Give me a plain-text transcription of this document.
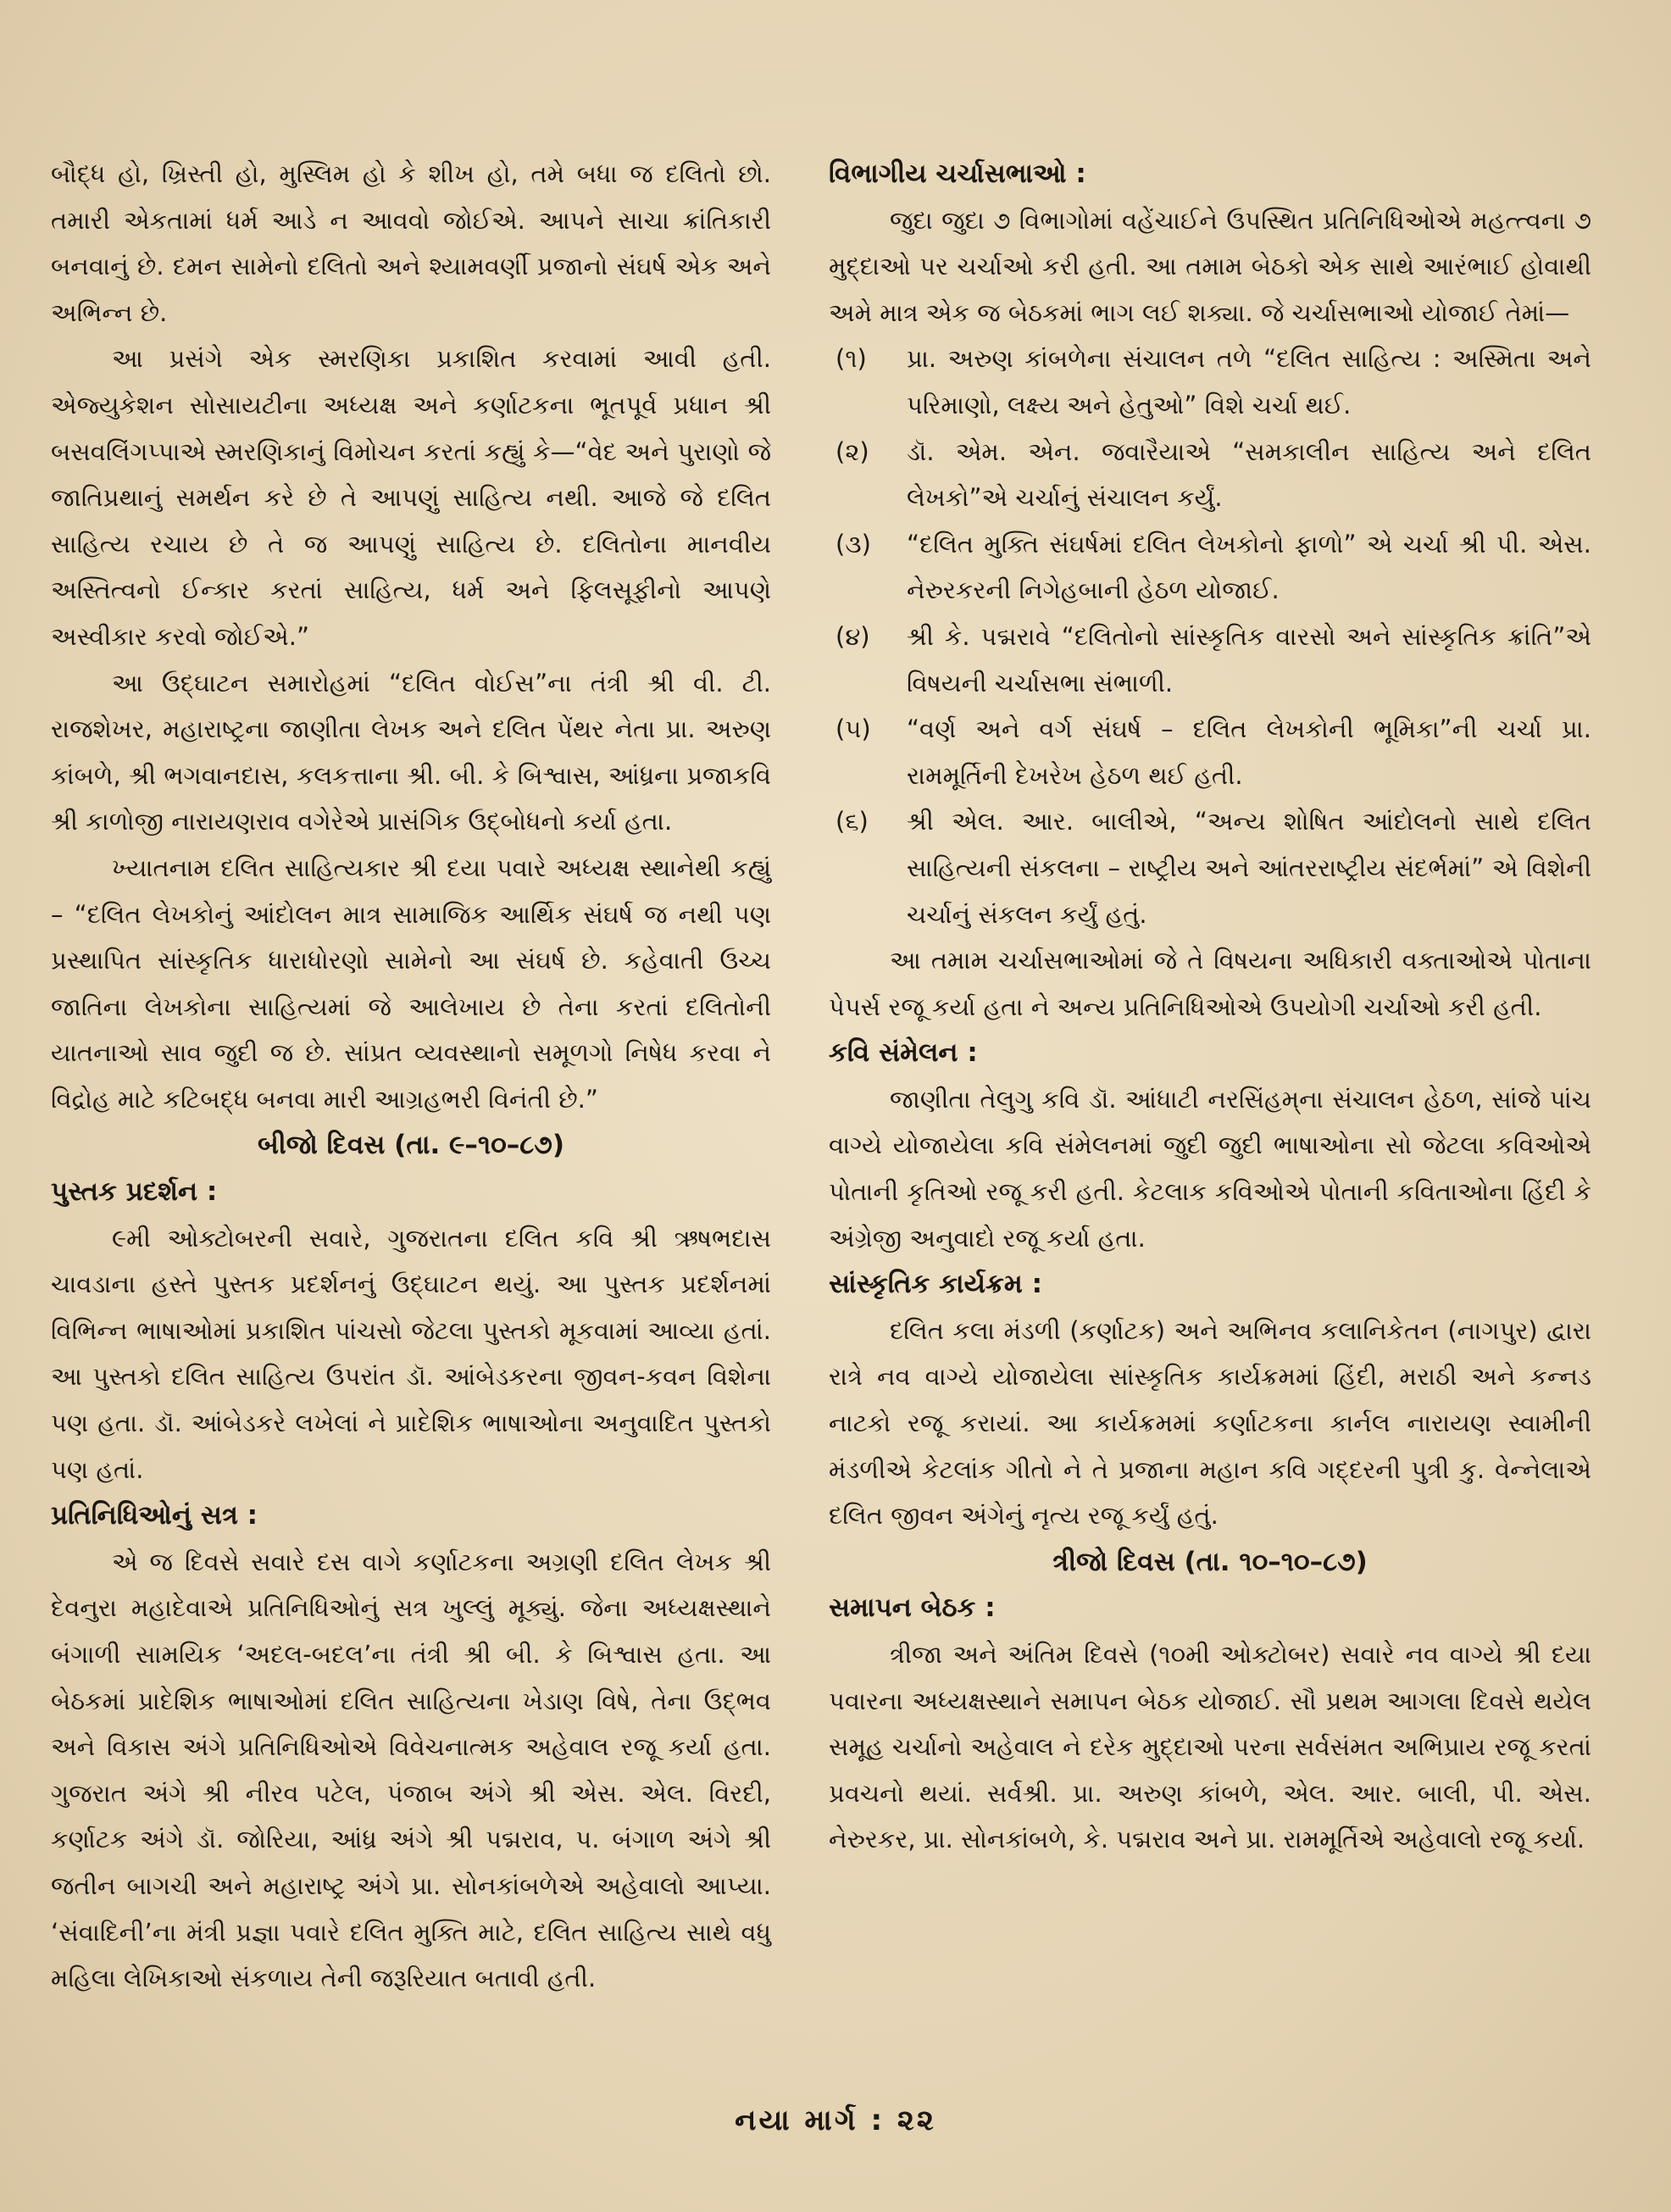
બૌદ્ધ હો, ખ્રિસ્તી હો, મુસ્લિમ હો કે શીખ હો, તમે બધા જ દલિતો છો. તમારી એકતામાં ધર્મ આડે ન આવવો જોઈએ. આપને સાચા ક્રાંતિકારી બનવાનું છે. દમન સામેનો દલિતો અને શ્યામવર્ણી પ્રજાનો સંઘર્ષ એક અને અભિન્ન છે.

આ પ્રસંગે એક સ્મરણિકા પ્રકાશિત કરવામાં આવી હતી. એજ્યુકેશન સોસાયટીના અધ્યક્ષ અને કર્ણાટકના ભૂતપૂર્વ પ્રધાન શ્રી બસવલિંગપ્પાએ સ્મરણિકાનું વિમોચન કરતાં કહ્યું કે—“વેદ અને પુરાણો જે જાતિપ્રથાનું સમર્થન કરે છે તે આપણું સાહિત્ય નથી. આજે જે દલિત સાહિત્ય રચાય છે તે જ આપણું સાહિત્ય છે. દલિતોના માનવીય અસ્તિત્વનો ઈન્કાર કરતાં સાહિત્ય, ધર્મ અને ફિલસૂફીનો આપણે અસ્વીકાર કરવો જોઈએ.”

આ ઉદ્‌ઘાટન સમારોહમાં “દલિત વોઈસ”ના તંત્રી શ્રી વી. ટી. રાજશેખર, મહારાષ્ટ્રના જાણીતા લેખક અને દલિત પેંથર નેતા પ્રા. અરુણ કાંબળે, શ્રી ભગવાનદાસ, કલકત્તાના શ્રી. બી. કે બિશ્વાસ, આંધ્રના પ્રજાકવિ શ્રી કાળોજી નારાયણરાવ વગેરેએ પ્રાસંગિક ઉદ્‌બોધનો કર્યા હતા.

ખ્યાતનામ દલિત સાહિત્યકાર શ્રી દયા પવારે અધ્યક્ષ સ્થાનેથી કહ્યું – “દલિત લેખકોનું આંદોલન માત્ર સામાજિક આર્થિક સંઘર્ષ જ નથી પણ પ્રસ્થાપિત સાંસ્કૃતિક ધારાધોરણો સામેનો આ સંઘર્ષ છે. કહેવાતી ઉચ્ચ જાતિના લેખકોના સાહિત્યમાં જે આલેખાય છે તેના કરતાં દલિતોની યાતનાઓ સાવ જુદી જ છે. સાંપ્રત વ્યવસ્થાનો સમૂળગો નિષેધ કરવા ને વિદ્રોહ માટે કટિબદ્ધ બનવા મારી આગ્રહભરી વિનંતી છે.”

બીજો દિવસ (તા. ૯–૧૦–૮૭)
પુસ્તક પ્રદર્શન :

૯મી ઓક્ટોબરની સવારે, ગુજરાતના દલિત કવિ શ્રી ઋષભદાસ ચાવડાના હસ્તે પુસ્તક પ્રદર્શનનું ઉદ્‌ઘાટન થયું. આ પુસ્તક પ્રદર્શનમાં વિભિન્ન ભાષાઓમાં પ્રકાશિત પાંચસો જેટલા પુસ્તકો મૂકવામાં આવ્યા હતાં. આ પુસ્તકો દલિત સાહિત્ય ઉપરાંત ડૉ. આંબેડકરના જીવન-કવન વિશેના પણ હતા. ડૉ. આંબેડકરે લખેલાં ને પ્રાદેશિક ભાષાઓના અનુવાદિત પુસ્તકો પણ હતાં.

પ્રતિનિધિઓનું સત્ર :

એ જ દિવસે સવારે દસ વાગે કર્ણાટકના અગ્રણી દલિત લેખક શ્રી દેવનુરા મહાદેવાએ પ્રતિનિધિઓનું સત્ર ખુલ્લું મૂક્યું. જેના અધ્યક્ષસ્થાને બંગાળી સામયિક ‘અદલ-બદલ’ના તંત્રી શ્રી બી. કે બિશ્વાસ હતા. આ બેઠકમાં પ્રાદેશિક ભાષાઓમાં દલિત સાહિત્યના ખેડાણ વિષે, તેના ઉદ્‌ભવ અને વિકાસ અંગે પ્રતિનિધિઓએ વિવેચનાત્મક અહેવાલ રજૂ કર્યા હતા. ગુજરાત અંગે શ્રી નીરવ પટેલ, પંજાબ અંગે શ્રી એસ. એલ. વિરદી, કર્ણાટક અંગે ડૉ. જોરિયા, આંધ્ર અંગે શ્રી પદ્મરાવ, પ. બંગાળ અંગે શ્રી જતીન બાગચી અને મહારાષ્ટ્ર અંગે પ્રા. સોનકાંબળેએ અહેવાલો આપ્યા. ‘સંવાદિની’ના મંત્રી પ્રજ્ઞા પવારે દલિત મુક્તિ માટે, દલિત સાહિત્ય સાથે વધુ મહિલા લેખિકાઓ સંકળાય તેની જરૂરિયાત બતાવી હતી.

વિભાગીય ચર્ચાસભાઓ :

જુદા જુદા ૭ વિભાગોમાં વહેંચાઈને ઉપસ્થિત પ્રતિનિધિઓએ મહત્ત્વના ૭ મુદ્દાઓ પર ચર્ચાઓ કરી હતી. આ તમામ બેઠકો એક સાથે આરંભાઈ હોવાથી અમે માત્ર એક જ બેઠકમાં ભાગ લઈ શક્યા. જે ચર્ચાસભાઓ યોજાઈ તેમાં—

(૧)	પ્રા. અરુણ કાંબળેના સંચાલન તળે “દલિત સાહિત્ય : અસ્મિતા અને પરિમાણો, લક્ષ્ય અને હેતુઓ” વિશે ચર્ચા થઈ.
(૨)	ડૉ. એમ. એન. જવારૈયાએ “સમકાલીન સાહિત્ય અને દલિત લેખકો”એ ચર્ચાનું સંચાલન કર્યું.
(૩)	“દલિત મુક્તિ સંઘર્ષમાં દલિત લેખકોનો ફાળો” એ ચર્ચા શ્રી પી. એસ. નેરુરકરની નિગેહબાની હેઠળ યોજાઈ.
(૪)	શ્રી કે. પદ્મરાવે “દલિતોનો સાંસ્કૃતિક વારસો અને સાંસ્કૃતિક ક્રાંતિ”એ વિષયની ચર્ચાસભા સંભાળી.
(૫)	“વર્ણ અને વર્ગ સંઘર્ષ – દલિત લેખકોની ભૂમિકા”ની ચર્ચા પ્રા. રામમૂર્તિની દેખરેખ હેઠળ થઈ હતી.
(૬)	શ્રી એલ. આર. બાલીએ, “અન્ય શોષિત આંદોલનો સાથે દલિત સાહિત્યની સંકલના – રાષ્ટ્રીય અને આંતરરાષ્ટ્રીય સંદર્ભમાં” એ વિશેની ચર્ચાનું સંકલન કર્યું હતું.

આ તમામ ચર્ચાસભાઓમાં જે તે વિષયના અધિકારી વક્તાઓએ પોતાના પેપર્સ રજૂ કર્યા હતા ને અન્ય પ્રતિનિધિઓએ ઉપયોગી ચર્ચાઓ કરી હતી.

કવિ સંમેલન :

જાણીતા તેલુગુ કવિ ડૉ. આંધાટી નરસિંહમ્‌ના સંચાલન હેઠળ, સાંજે પાંચ વાગ્યે યોજાયેલા કવિ સંમેલનમાં જુદી જુદી ભાષાઓના સો જેટલા કવિઓએ પોતાની કૃતિઓ રજૂ કરી હતી. કેટલાક કવિઓએ પોતાની કવિતાઓના હિંદી કે અંગ્રેજી અનુવાદો રજૂ કર્યા હતા.

સાંસ્કૃતિક કાર્યક્રમ :

દલિત કલા મંડળી (કર્ણાટક) અને અભિનવ કલાનિકેતન (નાગપુર) દ્વારા રાત્રે નવ વાગ્યે યોજાયેલા સાંસ્કૃતિક કાર્યક્રમમાં હિંદી, મરાઠી અને કન્નડ નાટકો રજૂ કરાયાં. આ કાર્યક્રમમાં કર્ણાટકના કાર્નલ નારાયણ સ્વામીની મંડળીએ કેટલાંક ગીતો ને તે પ્રજાના મહાન કવિ ગદ્દરની પુત્રી કુ. વેન્નેલાએ દલિત જીવન અંગેનું નૃત્ય રજૂ કર્યું હતું.

ત્રીજો દિવસ (તા. ૧૦–૧૦–૮૭)
સમાપન બેઠક :

ત્રીજા અને અંતિમ દિવસે (૧૦મી ઓક્ટોબર) સવારે નવ વાગ્યે શ્રી દયા પવારના અધ્યક્ષસ્થાને સમાપન બેઠક યોજાઈ. સૌ પ્રથમ આગલા દિવસે થયેલ સમૂહ ચર્ચાનો અહેવાલ ને દરેક મુદ્દાઓ પરના સર્વસંમત અભિપ્રાય રજૂ કરતાં પ્રવચનો થયાં. સર્વશ્રી. પ્રા. અરુણ કાંબળે, એલ. આર. બાલી, પી. એસ. નેરુરકર, પ્રા. સોનકાંબળે, કે. પદ્મરાવ અને પ્રા. રામમૂર્તિએ અહેવાલો રજૂ કર્યા.

નયા માર્ગ : ૨૨
